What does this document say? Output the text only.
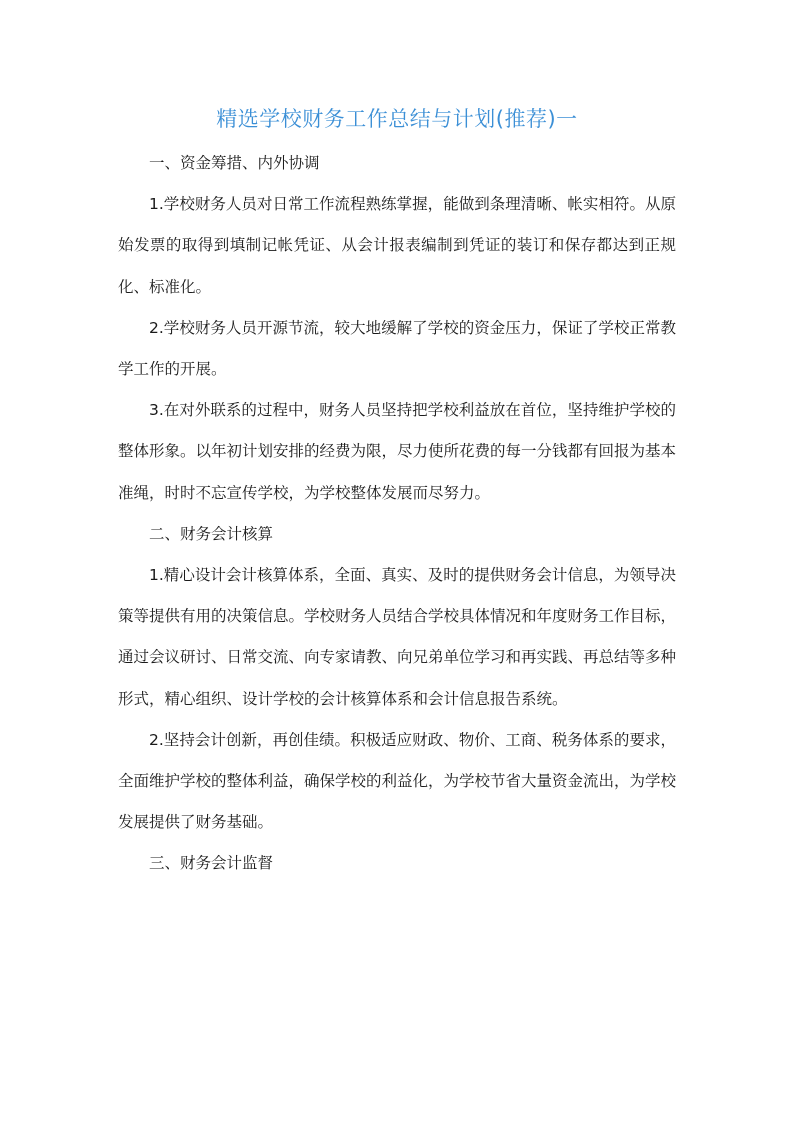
精选学校财务工作总结与计划(推荐)一

一、资金筹措、内外协调

1.学校财务人员对日常工作流程熟练掌握，能做到条理清晰、帐实相符。从原始发票的取得到填制记帐凭证、从会计报表编制到凭证的装订和保存都达到正规化、标准化。

2.学校财务人员开源节流，较大地缓解了学校的资金压力，保证了学校正常教学工作的开展。

3.在对外联系的过程中，财务人员坚持把学校利益放在首位，坚持维护学校的整体形象。以年初计划安排的经费为限，尽力使所花费的每一分钱都有回报为基本准绳，时时不忘宣传学校，为学校整体发展而尽努力。

二、财务会计核算

1.精心设计会计核算体系，全面、真实、及时的提供财务会计信息，为领导决策等提供有用的决策信息。学校财务人员结合学校具体情况和年度财务工作目标，通过会议研讨、日常交流、向专家请教、向兄弟单位学习和再实践、再总结等多种形式，精心组织、设计学校的会计核算体系和会计信息报告系统。

2.坚持会计创新，再创佳绩。积极适应财政、物价、工商、税务体系的要求，全面维护学校的整体利益，确保学校的利益化，为学校节省大量资金流出，为学校发展提供了财务基础。

三、财务会计监督
